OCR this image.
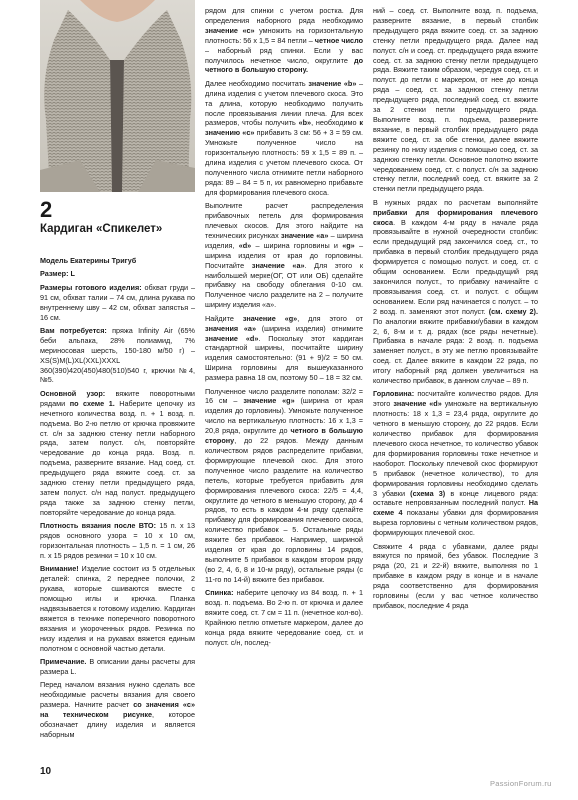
2
Кардиган «Спикелет»

Модель Екатерины Тригуб

Размер: L

Размеры готового изделия: обхват груди – 91 см, обхват талии – 74 см, длина рукава по внутреннему шву – 42 см, обхват запястья – 16 см.

Вам потребуется: пряжа Infinity Air (65% беби альпака, 28% полиамид, 7% мериносовая шерсть, 150-180 м/50 г) – XS(S)M(L)XL(XXL)XXXL 360(390)420(450)480(510)540 г, крючки №4, №5.

Основной узор: вяжите поворотными рядами по схеме 1. Наберите цепочку из нечетного количества возд. п. + 1 возд. п. подъема. Во 2-ю петлю от крючка провяжите ст. с/н за заднюю стенку петли наборного ряда, затем полуст. с/н, повторяйте чередование до конца ряда. Возд. п. подъема, разверните вязание. Над соед. ст. предыдущего ряда вяжите соед. ст. за заднюю стенку петли предыдущего ряда, затем полуст. с/н над полуст. предыдущего ряда также за заднюю стенку петли, повторяйте чередование до конца ряда.

Плотность вязания после ВТО: 15 п. х 13 рядов основного узора = 10 х 10 см, горизонтальная плотность – 1,5 п. = 1 см, 26 п. х 15 рядов резинки = 10 х 10 см.

Внимание! Изделие состоит из 5 отдельных деталей: спинка, 2 переднее полочки, 2 рукава, которые сшиваются вместе с помощью иглы и крючка. Планка надвязывается к готовому изделию. Кардиган вяжется в технике поперечного поворотного вязания и укороченных рядов. Резинка по низу изделия и на рукавах вяжется единым полотном с основной частью детали.

Примечание. В описании даны расчеты для размера L.

Перед началом вязания нужно сделать все необходимые расчеты вязания для своего размера. Начните расчет со значения «с» на техническом рисунке, которое обозначает длину изделия и является наборным

рядом для спинки с учетом ростка. Для определения наборного ряда необходимо значение «с» умножить на горизонтальную плотность: 56 х 1,5 = 84 петли – четное число – наборный ряд спинки. Если у вас получилось нечетное число, округлите до четного в большую сторону.

Далее необходимо посчитать значение «b» – длина изделия с учетом плечевого скоса. Это та длина, которую необходимо получить после провязывания линии плеча. Для всех размеров, чтобы получить «b», необходимо к значению «с» прибавить 3 см: 56 + 3 = 59 см. Умножьте полученное число на горизонтальную плотность: 59 х 1,5 = 89 п. – длина изделия с учетом плечевого скоса. От полученного числа отнимите петли наборного ряда: 89 – 84 = 5 п, их равномерно прибавьте для формирования плечевого скоса.

Выполните расчет распределения прибавочных петель для формирования плечевых скосов. Для этого найдите на технических рисунках значение «а» – ширина изделия, «d» – ширина горловины и «g» – ширина изделия от края до горловины. Посчитайте значение «а». Для этого к наибольшей мерке(ОГ, ОТ или ОБ) сделайте прибавку на свободу облегания 0-10 см. Полученное число разделите на 2 – получите ширину изделия «а».

Найдите значение «g», для этого от значения «а» (ширина изделия) отнимите значение «d». Поскольку этот кардиган стандартной ширины, посчитайте ширину изделия самостоятельно: (91 + 9)/2 = 50 см. Ширина горловины для вышеуказанного размера равна 18 см, поэтому 50 – 18 = 32 см.

Полученное число разделите пополам: 32/2 = 16 см – значение «g» (ширина от края изделия до горловины). Умножьте полученное число на вертикальную плотность: 16 х 1,3 = 20,8 ряда, округлите до четного в большую сторону, до 22 рядов. Между данным количеством рядов распределите прибавки, формирующие плечевой скос. Для этого полученное число разделите на количество петель, которые требуется прибавить для формирования плечевого скоса: 22/5 = 4,4, округлите до четного в меньшую сторону, до 4 рядов, то есть в каждом 4-м ряду сделайте прибавку для формирования плечевого скоса, количество прибавок – 5. Остальные ряды вяжите без прибавок. Например, шириной изделия от края до горловины 14 рядов, выполните 5 прибавок в каждом втором ряду (во 2, 4, 6, 8 и 10-м ряду), остальные ряды (с 11-го по 14-й) вяжите без прибавок.

Спинка: наберите цепочку из 84 возд. п. + 1 возд. п. подъема. Во 2-ю п. от крючка и далее вяжите соед. ст. 7 см = 11 п. (нечетное кол-во). Крайнюю петлю отметьте маркером, далее до конца ряда вяжите чередование соед. ст. и полуст. с/н, послед-

ний – соед. ст. Выполните возд. п. подъема, разверните вязание, в первый столбик предыдущего ряда вяжите соед. ст. за заднюю стенку петли предыдущего ряда. Далее над полуст. с/н и соед. ст. предыдущего ряда вяжите соед. ст. за заднюю стенку петли предыдущего ряда. Вяжите таким образом, чередуя соед. ст. и полуст. до петли с маркером, от нее до конца ряда – соед. ст. за заднюю стенку петли предыдущего ряда, последний соед. ст. вяжите за 2 стенки петли предыдущего ряда. Выполните возд. п. подъема, разверните вязание, в первый столбик предыдущего ряда вяжите соед. ст. за обе стенки, далее вяжите резинку по низу изделия с помощью соед. ст. за заднюю стенку петли. Основное полотно вяжите чередованием соед. ст. с полуст. с/н за заднюю стенку петли, последний соед. ст. вяжите за 2 стенки петли предыдущего ряда.

В нужных рядах по расчетам выполняйте прибавки для формирования плечевого скоса. В каждом 4-м ряду в начале ряда провязывайте в нужной очередности столбик: если предыдущий ряд закончился соед. ст., то прибавка в первый столбик предыдущего ряда формируется с помощью полуст. и соед. ст. с общим основанием. Если предыдущий ряд закончился полуст., то прибавку начинайте с провязывания соед. ст. и полуст. с общим основанием. Если ряд начинается с полуст. – то 2 возд. п. заменяют этот полуст. (см. схему 2). По аналогии вяжите прибавки/убавки в каждом 2, 6, 8-м и т. д. рядах (все ряды нечетные). Прибавка в начале ряда: 2 возд. п. подъема заменяет полуст., в эту же петлю провязывайте соед. ст. Далее вяжите в каждом 22 ряда, по итогу наборный ряд должен увеличиться на количество прибавок, в данном случае – 89 п.

Горловина: посчитайте количество рядов. Для этого значение «d» умножьте на вертикальную плотность: 18 х 1,3 = 23,4 ряда, округлите до четного в меньшую сторону, до 22 рядов. Если количество прибавок для формирования плечевого скоса нечетное, то количество убавок для формирования горловины тоже нечетное и наоборот. Поскольку плечевой скос формируют 5 прибавок (нечетное количество), то для формирования горловины необходимо сделать 3 убавки (схема 3) в конце лицевого ряда: оставьте непровязанным последний полуст. На схеме 4 показаны убавки для формирования выреза горловины с четным количеством рядов, формирующих плечевой скос.

Свяжите 4 ряда с убавками, далее ряды вяжутся по прямой, без убавок. Последние 3 ряда (20, 21 и 22-й) вяжите, выполняя по 1 прибавке в каждом ряду в конце и в начале ряда соответственно для формирования горловины (если у вас четное количество прибавок, последние 4 ряда

10
PassionForum.ru
